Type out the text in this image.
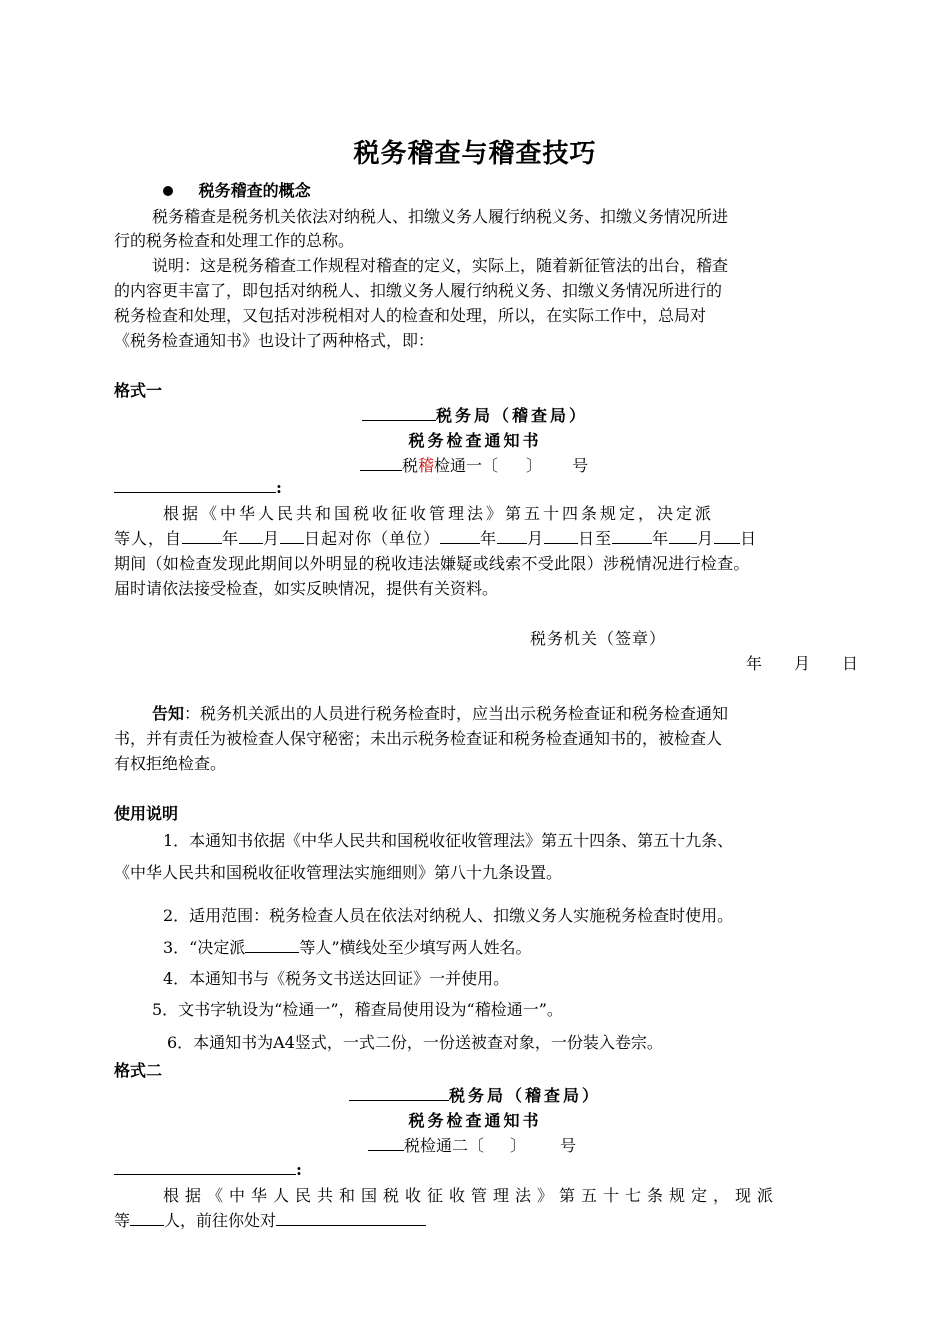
税务稽查与稽查技巧
税务稽查的概念
税务稽查是税务机关依法对纳税人、扣缴义务人履行纳税义务、扣缴义务情况所进
行的税务检查和处理工作的总称。
说明：这是税务稽查工作规程对稽查的定义，实际上，随着新征管法的出台，稽查
的内容更丰富了，即包括对纳税人、扣缴义务人履行纳税义务、扣缴义务情况所进行的
税务检查和处理，又包括对涉税相对人的检查和处理，所以，在实际工作中，总局对
《税务检查通知书》也设计了两种格式，即：
格式一
税务局（稽查局）
税务检查通知书
税稽检通一〔 〕 号
:
根据《中华人民共和国税收征收管理法》第五十四条规定，决定派
等人，自	年 月 日起对你（单位）	年 月 日至	年 月 日
期间（如检查发现此期间以外明显的税收违法嫌疑或线索不受此限）涉税情况进行检查。
届时请依法接受检查，如实反映情况，提供有关资料。
税务机关（签章）
年　　月　　日
告知：税务机关派出的人员进行税务检查时，应当出示税务检查证和税务检查通知
书，并有责任为被检查人保守秘密；未出示税务检查证和税务检查通知书的，被检查人
有权拒绝检查。
使用说明
1．本通知书依据《中华人民共和国税收征收管理法》第五十四条、第五十九条、
《中华人民共和国税收征收管理法实施细则》第八十九条设置。
2．适用范围：税务检查人员在依法对纳税人、扣缴义务人实施税务检查时使用。
3．“决定派	等人”横线处至少填写两人姓名。
4．本通知书与《税务文书送达回证》一并使用。
5．文书字轨设为“检通一”，稽查局使用设为“稽检通一”。
6．本通知书为A4竖式，一式二份，一份送被查对象，一份装入卷宗。
格式二
税务局（稽查局）
税务检查通知书
税检通二〔 〕 号
:
根据《中华人民共和国税收征收管理法》第五十七条规定，现派
等 人，前往你处对
